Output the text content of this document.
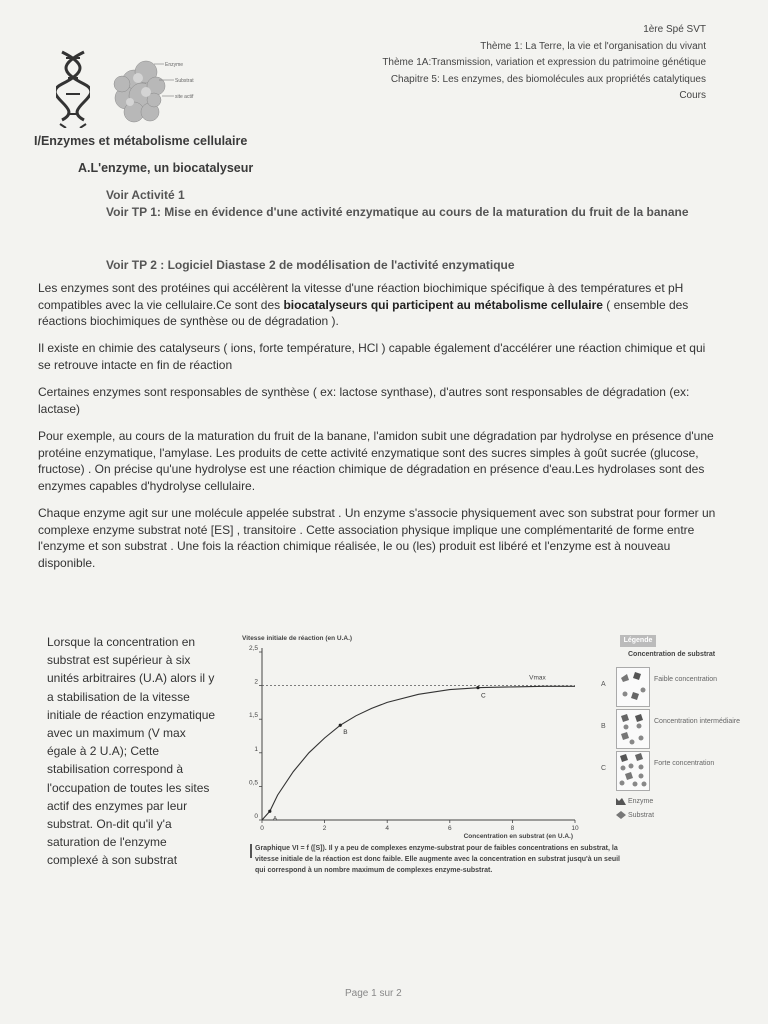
1ère Spé SVT
Thème 1: La Terre, la vie et l'organisation du vivant
Thème 1A:Transmission, variation et expression du patrimoine génétique
Chapitre 5: Les enzymes, des biomolécules aux propriétés catalytiques
Cours
Enzyme
Substrat
site actif
I/Enzymes et métabolisme cellulaire
A.L'enzyme, un biocatalyseur
Voir Activité 1
Voir TP 1: Mise en évidence d'une activité enzymatique au cours de la maturation du fruit de la banane
Voir TP 2 : Logiciel Diastase 2 de modélisation de l'activité enzymatique
Les enzymes sont des protéines qui accélèrent la vitesse d'une réaction biochimique spécifique à des températures et pH compatibles avec la vie cellulaire.Ce sont des biocatalyseurs qui participent au métabolisme cellulaire ( ensemble des réactions biochimiques de synthèse ou de dégradation ).
Il existe en chimie des catalyseurs ( ions, forte température, HCl ) capable également d'accélérer une réaction chimique et qui se retrouve intacte en fin de réaction
Certaines enzymes sont responsables de synthèse ( ex: lactose synthase), d'autres sont responsables de dégradation (ex: lactase)
Pour exemple, au cours de la maturation du fruit de la banane, l'amidon subit une dégradation par hydrolyse en présence d'une protéine enzymatique, l'amylase. Les produits de cette activité enzymatique sont des sucres simples à goût sucrée (glucose, fructose) . On précise qu'une hydrolyse est une réaction chimique de dégradation en présence d'eau.Les hydrolases sont des enzymes capables d'hydrolyse cellulaire.
Chaque enzyme agit sur une molécule appelée substrat . Un enzyme s'associe physiquement avec son substrat pour former un complexe enzyme substrat noté [ES] , transitoire . Cette association physique implique une complémentarité de forme entre l'enzyme et son substrat . Une fois la réaction chimique réalisée, le ou (les) produit est libéré et l'enzyme est à nouveau disponible.
Lorsque la concentration en substrat est supérieur à six unités arbitraires (U.A) alors il y a stabilisation de la vitesse initiale de réaction enzymatique avec un maximum (V max égale à 2 U.A); Cette stabilisation correspond à l'occupation de toutes les sites actif des enzymes par leur substrat. On-dit qu'il y'a saturation de l'enzyme complexé à son substrat
Vitesse initiale de réaction (en U.A.)
Concentration en substrat (en U.A.)
0
0,5
1
1,5
2
2,5
0	2	4	6	8	10
Vmax
A
B
C
Graphique VI = f ([S]). Il y a peu de complexes enzyme-substrat pour de faibles concentrations en substrat, la vitesse initiale de la réaction est donc faible. Elle augmente avec la concentration en substrat jusqu'à un seuil qui correspond à un nombre maximum de complexes enzyme-substrat.
Légende
Concentration de substrat
A
Faible concentration
B
Concentration intermédiaire
C
Forte concentration
Enzyme
Substrat
Page 1 sur 2
